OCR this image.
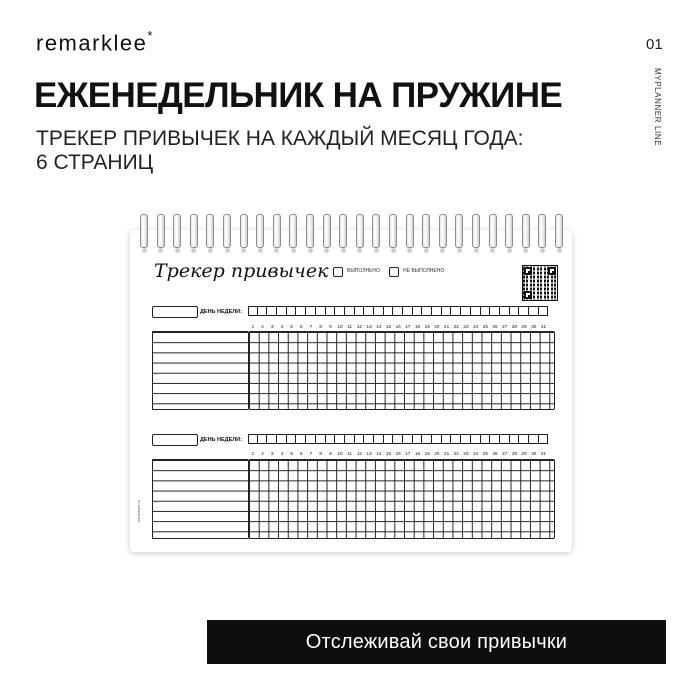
remarklee*
01
MYPLANNER LINE
ЕЖЕНЕДЕЛЬНИК НА ПРУЖИНЕ
ТРЕКЕР ПРИВЫЧЕК НА КАЖДЫЙ МЕСЯЦ ГОДА:
6 СТРАНИЦ
Трекер привычек	ВЫПОЛНЕНО	НЕ ВЫПОЛНЕНО
ДЕНЬ НЕДЕЛИ:
1	2	3	4	5	6	7	8	9	10	11	12 13 14 15 16 17 18 19 20 21 22 23 24 25 26 27 28 29 30 31
ДЕНЬ НЕДЕЛИ:
1	2	3	4	5	6	7	8	9	10	11	12 13 14 15 16 17 18 19 20 21 22 23 24 25 26 27 28 29 30 31
remarklee.ru
Отслеживай свои привычки
